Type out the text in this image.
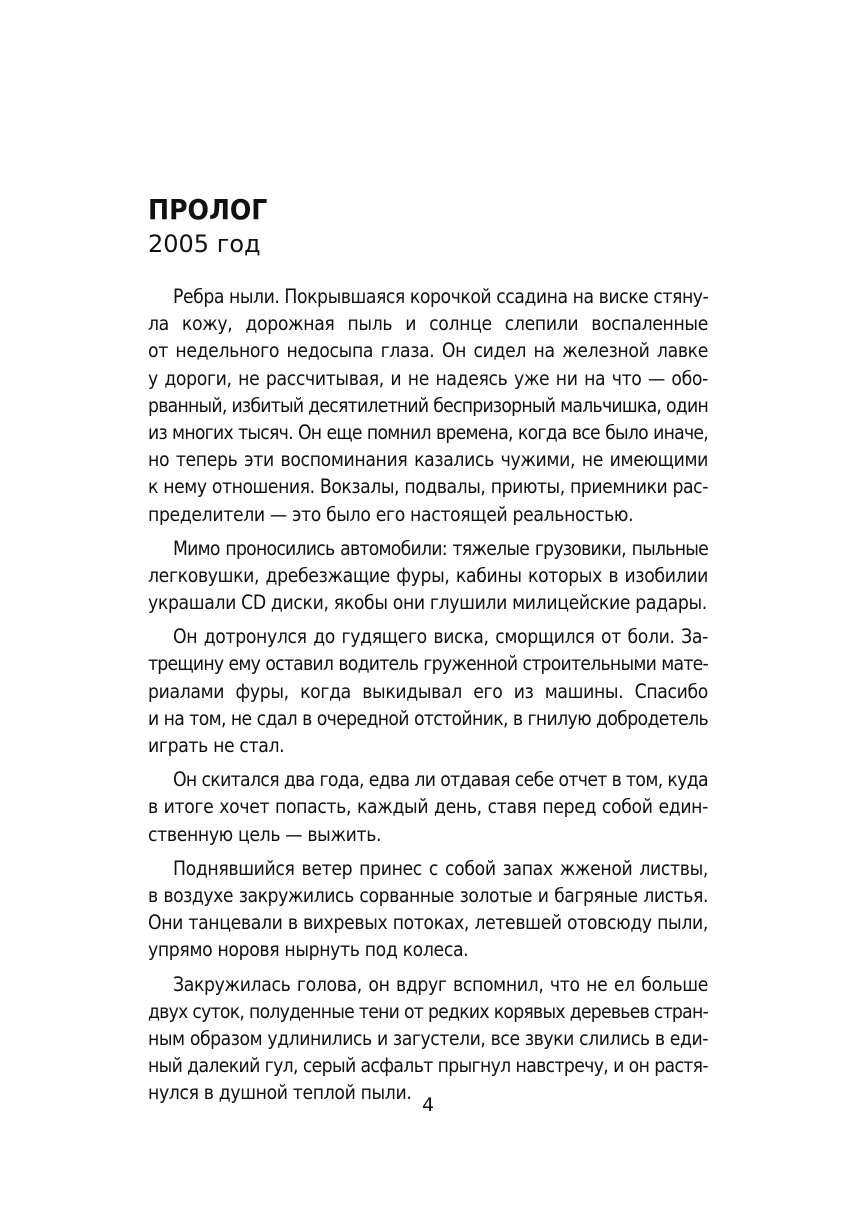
ПРОЛОГ
2005 год
Ребра ныли. Покрывшаяся корочкой ссадина на виске стяну-
ла кожу, дорожная пыль и солнце слепили воспаленные
от недельного недосыпа глаза. Он сидел на железной лавке
у дороги, не рассчитывая, и не надеясь уже ни на что — обо-
рванный, избитый десятилетний беспризорный мальчишка, один
из многих тысяч. Он еще помнил времена, когда все было иначе,
но теперь эти воспоминания казались чужими, не имеющими
к нему отношения. Вокзалы, подвалы, приюты, приемники рас-
пределители — это было его настоящей реальностью.
Мимо проносились автомобили: тяжелые грузовики, пыльные
легковушки, дребезжащие фуры, кабины которых в изобилии
украшали CD диски, якобы они глушили милицейские радары.
Он дотронулся до гудящего виска, сморщился от боли. За-
трещину ему оставил водитель груженной строительными мате-
риалами фуры, когда выкидывал его из машины. Спасибо
и на том, не сдал в очередной отстойник, в гнилую добродетель
играть не стал.
Он скитался два года, едва ли отдавая себе отчет в том, куда
в итоге хочет попасть, каждый день, ставя перед собой един-
ственную цель — выжить.
Поднявшийся ветер принес с собой запах жженой листвы,
в воздухе закружились сорванные золотые и багряные листья.
Они танцевали в вихревых потоках, летевшей отовсюду пыли,
упрямо норовя нырнуть под колеса.
Закружилась голова, он вдруг вспомнил, что не ел больше
двух суток, полуденные тени от редких корявых деревьев стран-
ным образом удлинились и загустели, все звуки слились в еди-
ный далекий гул, серый асфальт прыгнул навстречу, и он растя-
нулся в душной теплой пыли.
4
